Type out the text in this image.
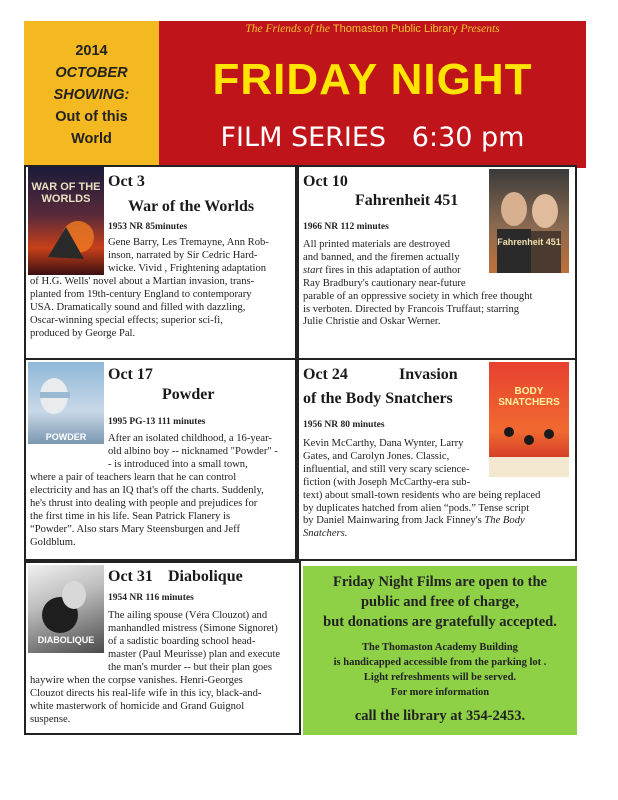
2014
OCTOBER
SHOWING:
Out of this
World
The Friends of the Thomaston Public Library Presents
FRIDAY NIGHT
FILM SERIES   6:30 pm
WAR OF THE WORLDS
Oct 3
War of the Worlds
1953 NR 85minutes
Gene Barry, Les Tremayne, Ann Rob-
inson, narrated by Sir Cedric Hard-
wicke. Vivid , Frightening adaptation
of H.G. Wells' novel about a Martian invasion, trans-
planted from 19th-century England to contemporary
USA. Dramatically sound and filled with dazzling,
Oscar-winning special effects; superior sci-fi,
produced by George Pal.
Fahrenheit 451
Oct 10
Fahrenheit 451
1966 NR 112 minutes
All printed materials are destroyed
and banned, and the firemen actually
start fires in this adaptation of author
Ray Bradbury's cautionary near-future
parable of an oppressive society in which free thought
is verboten. Directed by Francois Truffaut; starring
Julie Christie and Oskar Werner.
POWDER
Oct 17
Powder
1995 PG-13 111 minutes
After an isolated childhood, a 16-year-
old albino boy -- nicknamed "Powder" -
- is introduced into a small town,
where a pair of teachers learn that he can control
electricity and has an IQ that's off the charts. Suddenly,
he's thrust into dealing with people and prejudices for
the first time in his life. Sean Patrick Flanery is
“Powder”. Also stars Mary Steensburgen and Jeff
Goldblum.
BODY SNATCHERS
Oct 24	Invasion
of the Body Snatchers
1956 NR 80 minutes
Kevin McCarthy, Dana Wynter, Larry
Gates, and Carolyn Jones. Classic,
influential, and still very scary science-
fiction (with Joseph McCarthy-era sub-
text) about small-town residents who are being replaced
by duplicates hatched from alien “pods.” Tense script
by Daniel Mainwaring from Jack Finney's The Body
Snatchers.
DIABOLIQUE
Oct 31 Diabolique
1954 NR 116 minutes
The ailing spouse (Véra Clouzot) and
manhandled mistress (Simone Signoret)
of a sadistic boarding school head-
master (Paul Meurisse) plan and execute
the man's murder -- but their plan goes
haywire when the corpse vanishes. Henri-Georges
Clouzot directs his real-life wife in this icy, black-and-
white masterwork of homicide and Grand Guignol
suspense.
Friday Night Films are open to the
public and free of charge,
but donations are gratefully accepted.
The Thomaston Academy Building
is handicapped accessible from the parking lot .
Light refreshments will be served.
For more information
call the library at 354-2453.
